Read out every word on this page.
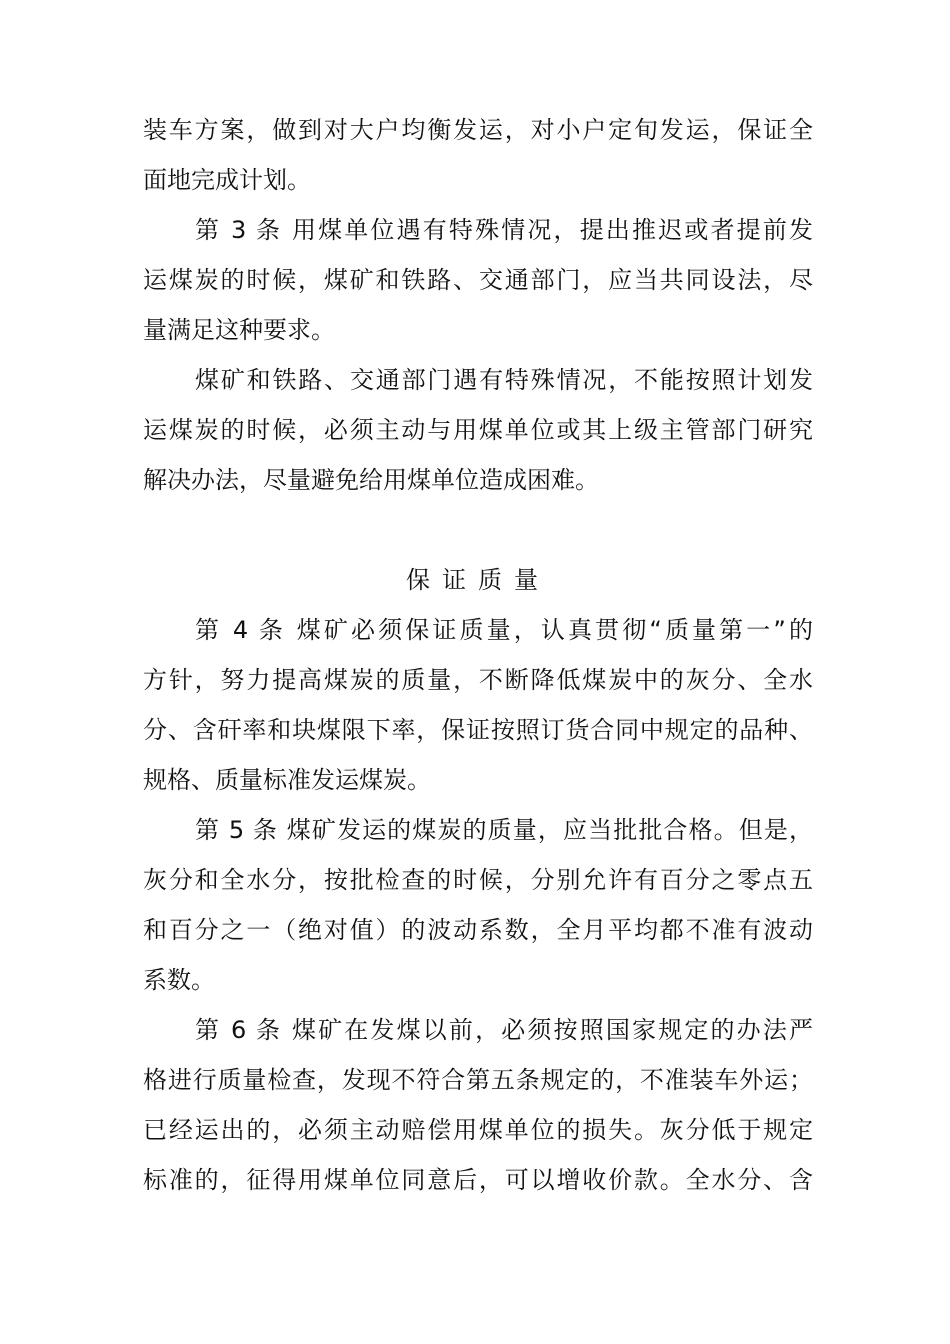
装车方案，做到对大户均衡发运，对小户定旬发运，保证全
面地完成计划。
第 3 条 用煤单位遇有特殊情况，提出推迟或者提前发
运煤炭的时候，煤矿和铁路、交通部门，应当共同设法，尽
量满足这种要求。
煤矿和铁路、交通部门遇有特殊情况，不能按照计划发
运煤炭的时候，必须主动与用煤单位或其上级主管部门研究
解决办法，尽量避免给用煤单位造成困难。
保证质量
第 4 条 煤矿必须保证质量，认真贯彻“质量第一”的
方针，努力提高煤炭的质量，不断降低煤炭中的灰分、全水
分、含矸率和块煤限下率，保证按照订货合同中规定的品种、
规格、质量标准发运煤炭。
第 5 条 煤矿发运的煤炭的质量，应当批批合格。但是，
灰分和全水分，按批检查的时候，分别允许有百分之零点五
和百分之一（绝对值）的波动系数，全月平均都不准有波动
系数。
第 6 条 煤矿在发煤以前，必须按照国家规定的办法严
格进行质量检查，发现不符合第五条规定的，不准装车外运；
已经运出的，必须主动赔偿用煤单位的损失。灰分低于规定
标准的，征得用煤单位同意后，可以增收价款。全水分、含
